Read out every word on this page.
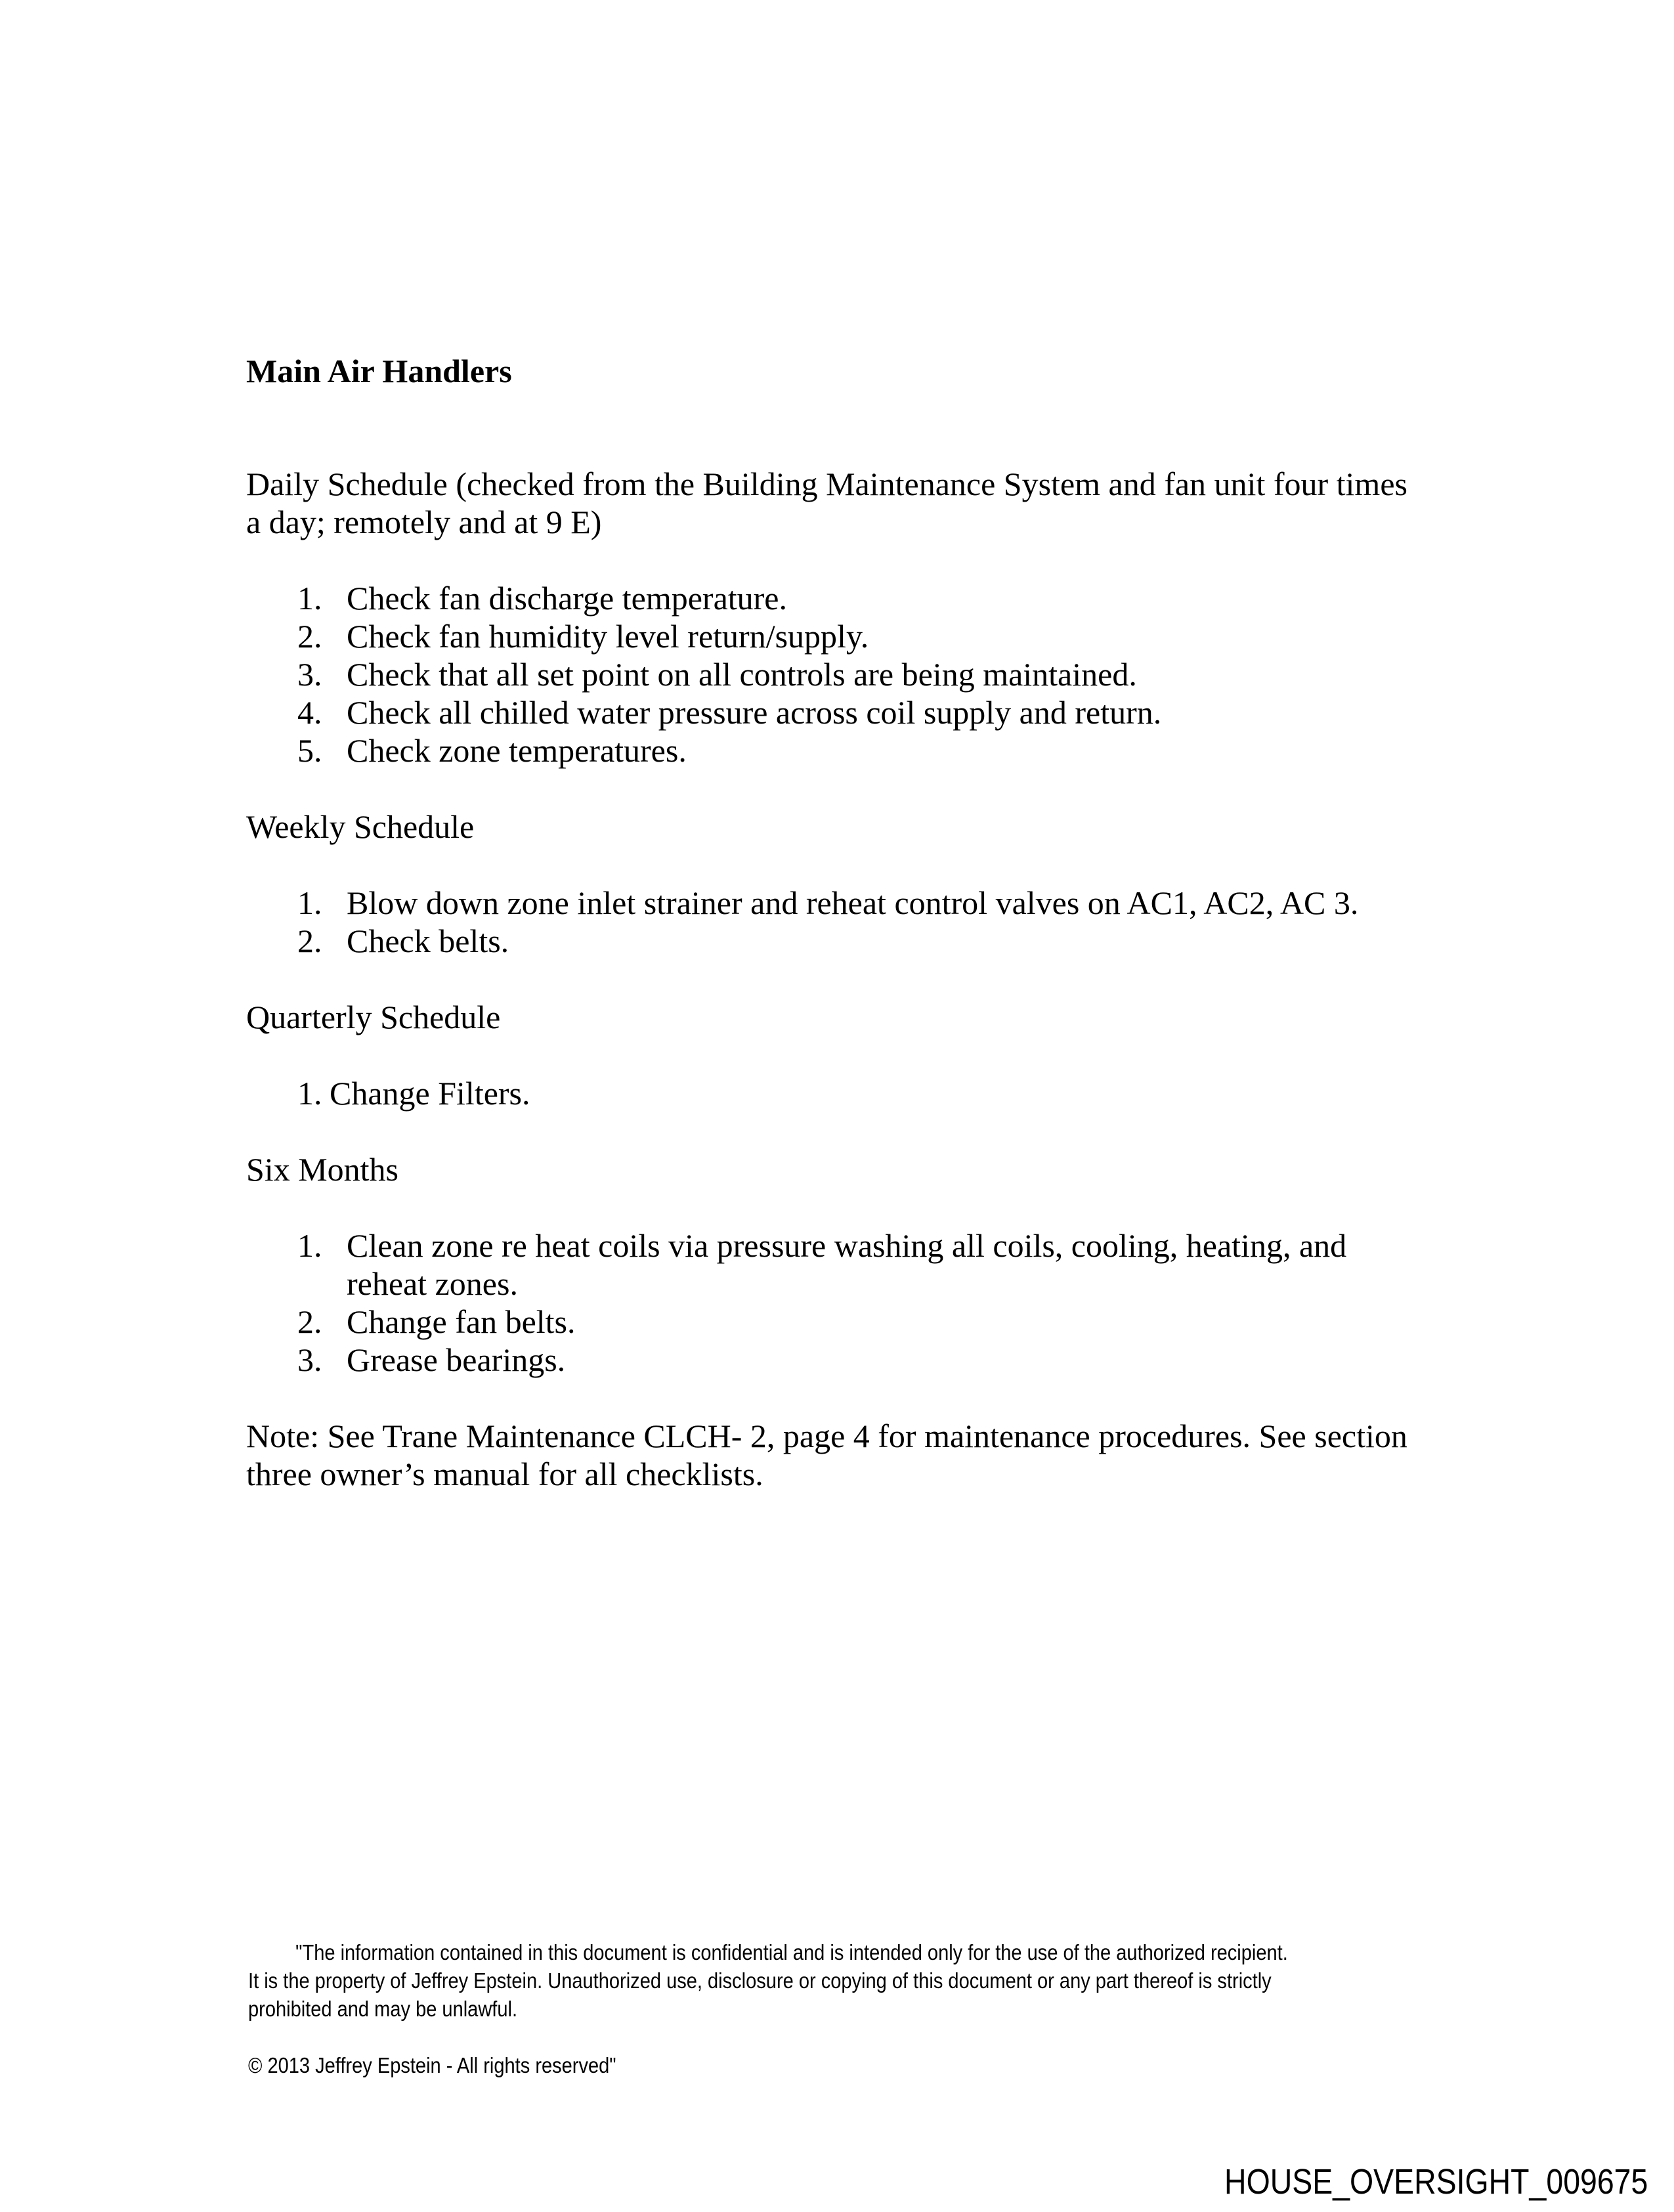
Main Air Handlers
Daily Schedule (checked from the Building Maintenance System and fan unit four times
a day; remotely and at 9 E)
1. Check fan discharge temperature.
2. Check fan humidity level return/supply.
3. Check that all set point on all controls are being maintained.
4. Check all chilled water pressure across coil supply and return.
5. Check zone temperatures.
Weekly Schedule
1. Blow down zone inlet strainer and reheat control valves on AC1, AC2, AC 3.
2. Check belts.
Quarterly Schedule
1. Change Filters.
Six Months
1. Clean zone re heat coils via pressure washing all coils, cooling, heating, and
reheat zones.
2. Change fan belts.
3. Grease bearings.
Note: See Trane Maintenance CLCH- 2, page 4 for maintenance procedures. See section
three owner’s manual for all checklists.
"The information contained in this document is confidential and is intended only for the use of the authorized recipient.
It is the property of Jeffrey Epstein. Unauthorized use, disclosure or copying of this document or any part thereof is strictly
prohibited and may be unlawful.
© 2013 Jeffrey Epstein - All rights reserved"
HOUSE_OVERSIGHT_009675
